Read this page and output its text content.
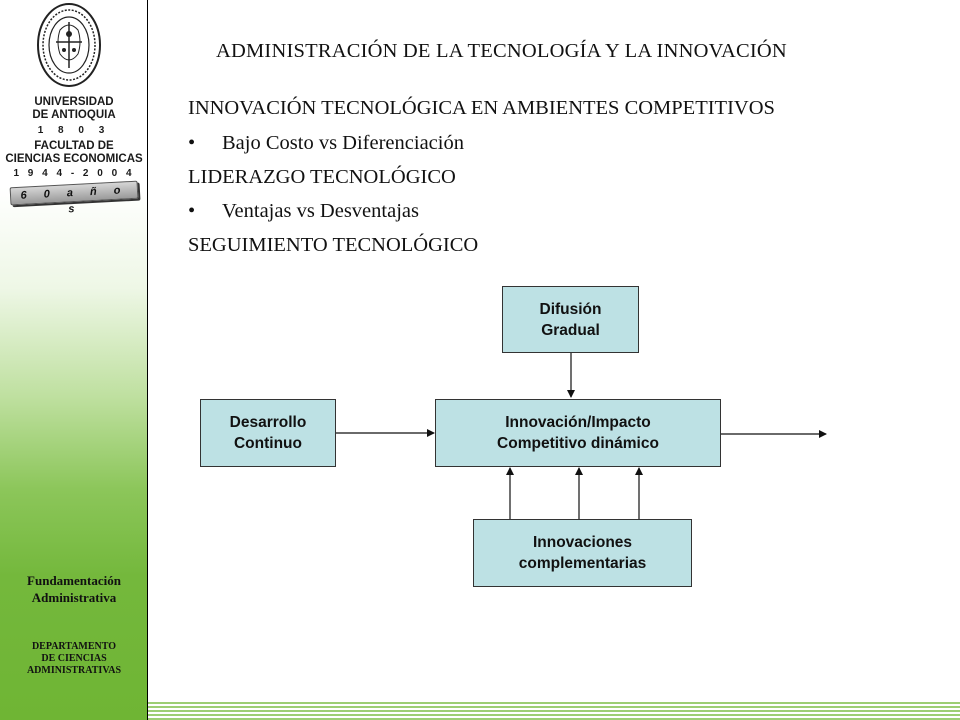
UNIVERSIDAD
DE ANTIOQUIA
1 8 0 3
FACULTAD DE
CIENCIAS ECONOMICAS
1 9 4 4 - 2 0 0 4
6 0 a ñ o s
Fundamentación
Administrativa
DEPARTAMENTO
DE CIENCIAS
ADMINISTRATIVAS
ADMINISTRACIÓN DE LA TECNOLOGÍA Y LA INNOVACIÓN
INNOVACIÓN TECNOLÓGICA EN AMBIENTES COMPETITIVOS
• Bajo Costo vs Diferenciación
LIDERAZGO TECNOLÓGICO
• Ventajas vs Desventajas
SEGUIMIENTO TECNOLÓGICO
Difusión
Gradual
Desarrollo
Continuo
Innovación/Impacto
Competitivo dinámico
Innovaciones
complementarias
